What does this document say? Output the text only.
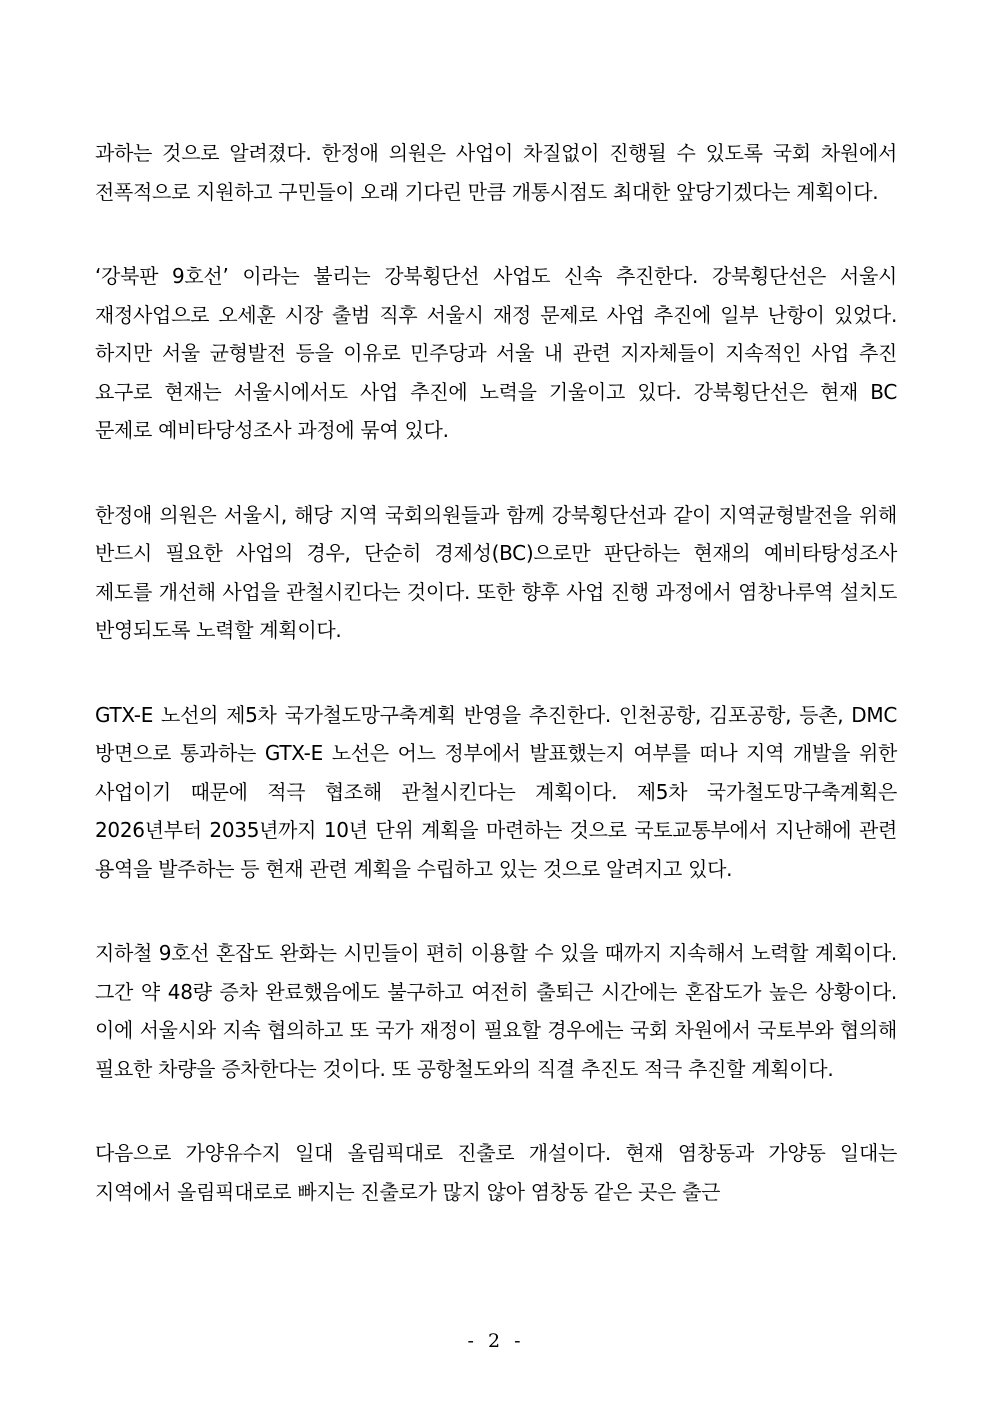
과하는 것으로 알려졌다. 한정애 의원은 사업이 차질없이 진행될 수 있도록 국회 차원에서 전폭적으로 지원하고 구민들이 오래 기다린 만큼 개통시점도 최대한 앞당기겠다는 계획이다.

‘강북판 9호선’ 이라는 불리는 강북횡단선 사업도 신속 추진한다. 강북횡단선은 서울시 재정사업으로 오세훈 시장 출범 직후 서울시 재정 문제로 사업 추진에 일부 난항이 있었다. 하지만 서울 균형발전 등을 이유로 민주당과 서울 내 관련 지자체들이 지속적인 사업 추진 요구로 현재는 서울시에서도 사업 추진에 노력을 기울이고 있다. 강북횡단선은 현재 BC 문제로 예비타당성조사 과정에 묶여 있다.

한정애 의원은 서울시, 해당 지역 국회의원들과 함께 강북횡단선과 같이 지역균형발전을 위해 반드시 필요한 사업의 경우, 단순히 경제성(BC)으로만 판단하는 현재의 예비타탕성조사 제도를 개선해 사업을 관철시킨다는 것이다. 또한 향후 사업 진행 과정에서 염창나루역 설치도 반영되도록 노력할 계획이다.

GTX-E 노선의 제5차 국가철도망구축계획 반영을 추진한다. 인천공항, 김포공항, 등촌, DMC 방면으로 통과하는 GTX-E 노선은 어느 정부에서 발표했는지 여부를 떠나 지역 개발을 위한 사업이기 때문에 적극 협조해 관철시킨다는 계획이다. 제5차 국가철도망구축계획은 2026년부터 2035년까지 10년 단위 계획을 마련하는 것으로 국토교통부에서 지난해에 관련 용역을 발주하는 등 현재 관련 계획을 수립하고 있는 것으로 알려지고 있다.

지하철 9호선 혼잡도 완화는 시민들이 편히 이용할 수 있을 때까지 지속해서 노력할 계획이다. 그간 약 48량 증차 완료했음에도 불구하고 여전히 출퇴근 시간에는 혼잡도가 높은 상황이다. 이에 서울시와 지속 협의하고 또 국가 재정이 필요할 경우에는 국회 차원에서 국토부와 협의해 필요한 차량을 증차한다는 것이다. 또 공항철도와의 직결 추진도 적극 추진할 계획이다.

다음으로 가양유수지 일대 올림픽대로 진출로 개설이다. 현재 염창동과 가양동 일대는 지역에서 올림픽대로로 빠지는 진출로가 많지 않아 염창동 같은 곳은 출근

- 2 -
